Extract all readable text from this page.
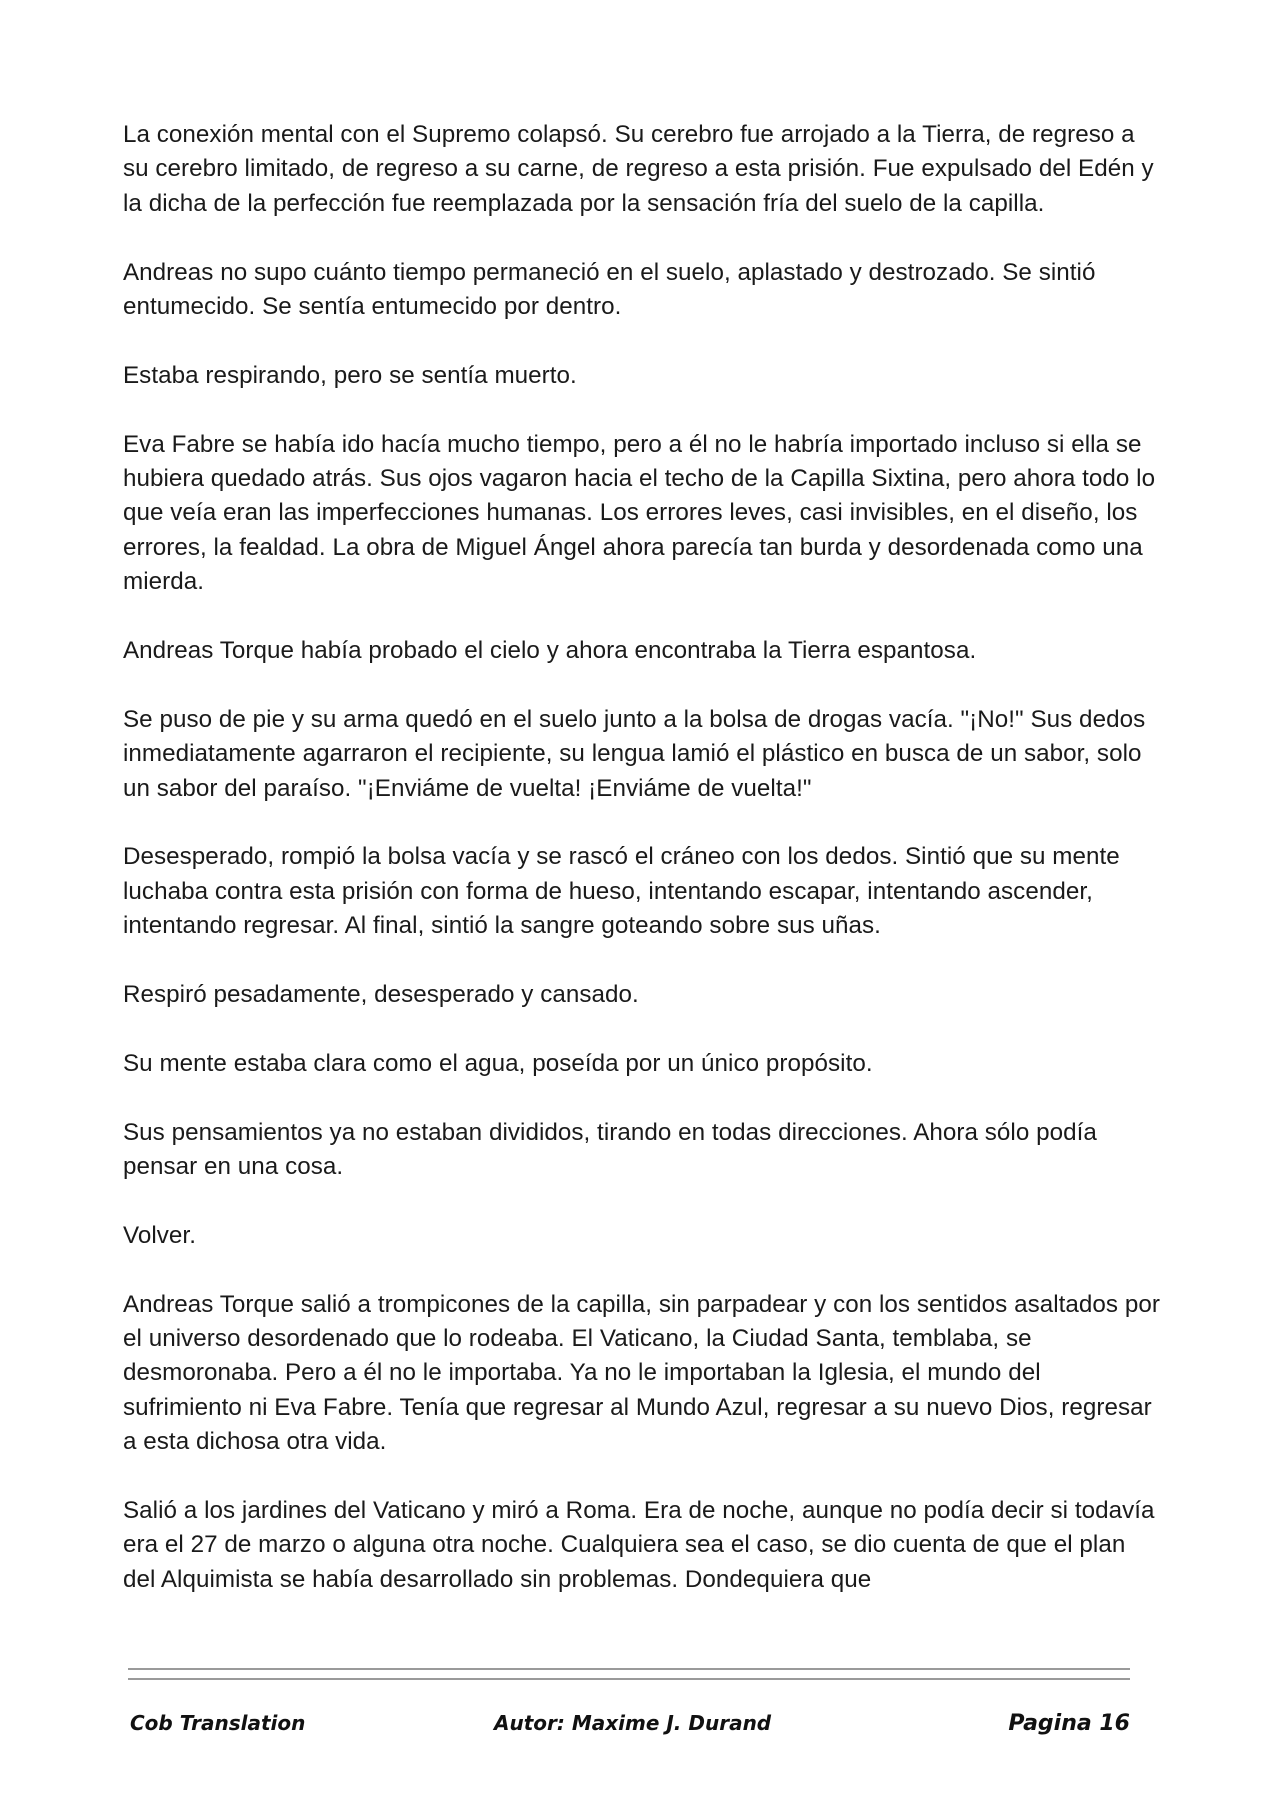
La conexión mental con el Supremo colapsó. Su cerebro fue arrojado a la Tierra, de regreso a su cerebro limitado, de regreso a su carne, de regreso a esta prisión. Fue expulsado del Edén y la dicha de la perfección fue reemplazada por la sensación fría del suelo de la capilla.

Andreas no supo cuánto tiempo permaneció en el suelo, aplastado y destrozado. Se sintió entumecido. Se sentía entumecido por dentro.

Estaba respirando, pero se sentía muerto.

Eva Fabre se había ido hacía mucho tiempo, pero a él no le habría importado incluso si ella se hubiera quedado atrás. Sus ojos vagaron hacia el techo de la Capilla Sixtina, pero ahora todo lo que veía eran las imperfecciones humanas. Los errores leves, casi invisibles, en el diseño, los errores, la fealdad. La obra de Miguel Ángel ahora parecía tan burda y desordenada como una mierda.

Andreas Torque había probado el cielo y ahora encontraba la Tierra espantosa.

Se puso de pie y su arma quedó en el suelo junto a la bolsa de drogas vacía. "¡No!" Sus dedos inmediatamente agarraron el recipiente, su lengua lamió el plástico en busca de un sabor, solo un sabor del paraíso. "¡Enviáme de vuelta! ¡Enviáme de vuelta!"

Desesperado, rompió la bolsa vacía y se rascó el cráneo con los dedos. Sintió que su mente luchaba contra esta prisión con forma de hueso, intentando escapar, intentando ascender, intentando regresar. Al final, sintió la sangre goteando sobre sus uñas.

Respiró pesadamente, desesperado y cansado.

Su mente estaba clara como el agua, poseída por un único propósito.

Sus pensamientos ya no estaban divididos, tirando en todas direcciones. Ahora sólo podía pensar en una cosa.

Volver.

Andreas Torque salió a trompicones de la capilla, sin parpadear y con los sentidos asaltados por el universo desordenado que lo rodeaba. El Vaticano, la Ciudad Santa, temblaba, se desmoronaba. Pero a él no le importaba. Ya no le importaban la Iglesia, el mundo del sufrimiento ni Eva Fabre. Tenía que regresar al Mundo Azul, regresar a su nuevo Dios, regresar a esta dichosa otra vida.

Salió a los jardines del Vaticano y miró a Roma. Era de noche, aunque no podía decir si todavía era el 27 de marzo o alguna otra noche. Cualquiera sea el caso, se dio cuenta de que el plan del Alquimista se había desarrollado sin problemas. Dondequiera que

Cob Translation	Autor: Maxime J. Durand	Pagina 16
